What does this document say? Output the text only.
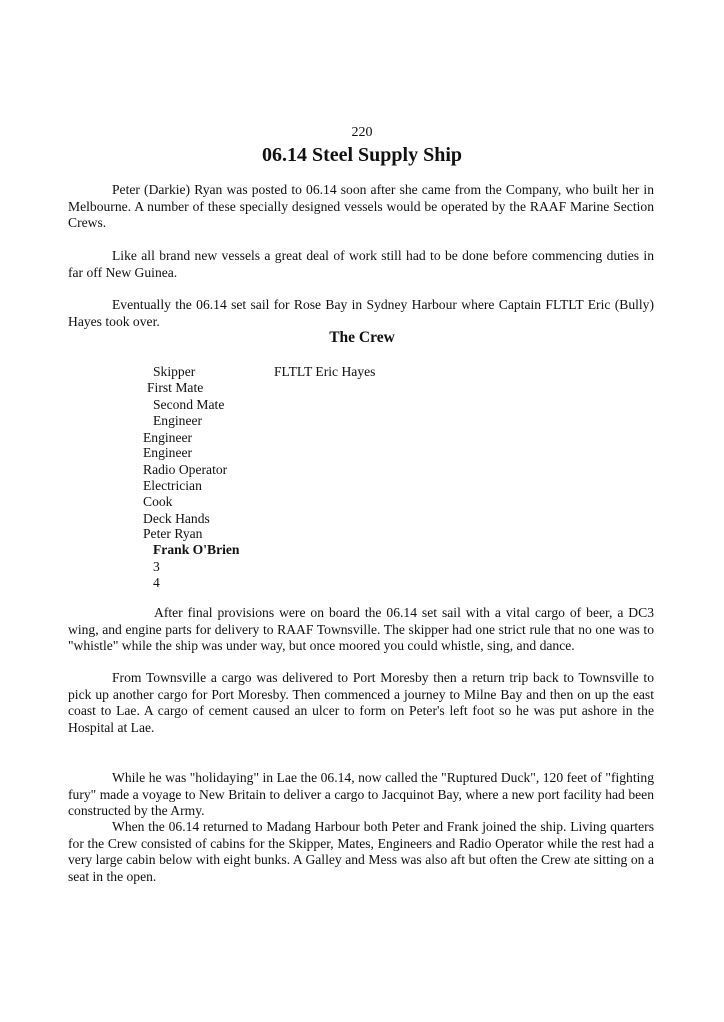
220
06.14 Steel Supply Ship

Peter (Darkie) Ryan was posted to 06.14 soon after she came from the Company, who built her in Melbourne. A number of these specially designed vessels would be operated by the RAAF Marine Section Crews.

Like all brand new vessels a great deal of work still had to be done before commencing duties in far off New Guinea.

Eventually the 06.14 set sail for Rose Bay in Sydney Harbour where Captain FLTLT Eric (Bully) Hayes took over.

The Crew
Skipper	FLTLT Eric Hayes
First Mate
Second Mate
Engineer
Engineer
Engineer
Radio Operator
Electrician
Cook
Deck Hands
Peter Ryan
Frank O'Brien
3
4

After final provisions were on board the 06.14 set sail with a vital cargo of beer, a DC3 wing, and engine parts for delivery to RAAF Townsville. The skipper had one strict rule that no one was to "whistle" while the ship was under way, but once moored you could whistle, sing, and dance.

From Townsville a cargo was delivered to Port Moresby then a return trip back to Townsville to pick up another cargo for Port Moresby. Then commenced a journey to Milne Bay and then on up the east coast to Lae. A cargo of cement caused an ulcer to form on Peter's left foot so he was put ashore in the Hospital at Lae.

While he was "holidaying" in Lae the 06.14, now called the "Ruptured Duck", 120 feet of "fighting fury" made a voyage to New Britain to deliver a cargo to Jacquinot Bay, where a new port facility had been constructed by the Army.

When the 06.14 returned to Madang Harbour both Peter and Frank joined the ship. Living quarters for the Crew consisted of cabins for the Skipper, Mates, Engineers and Radio Operator while the rest had a very large cabin below with eight bunks. A Galley and Mess was also aft but often the Crew ate sitting on a seat in the open.
